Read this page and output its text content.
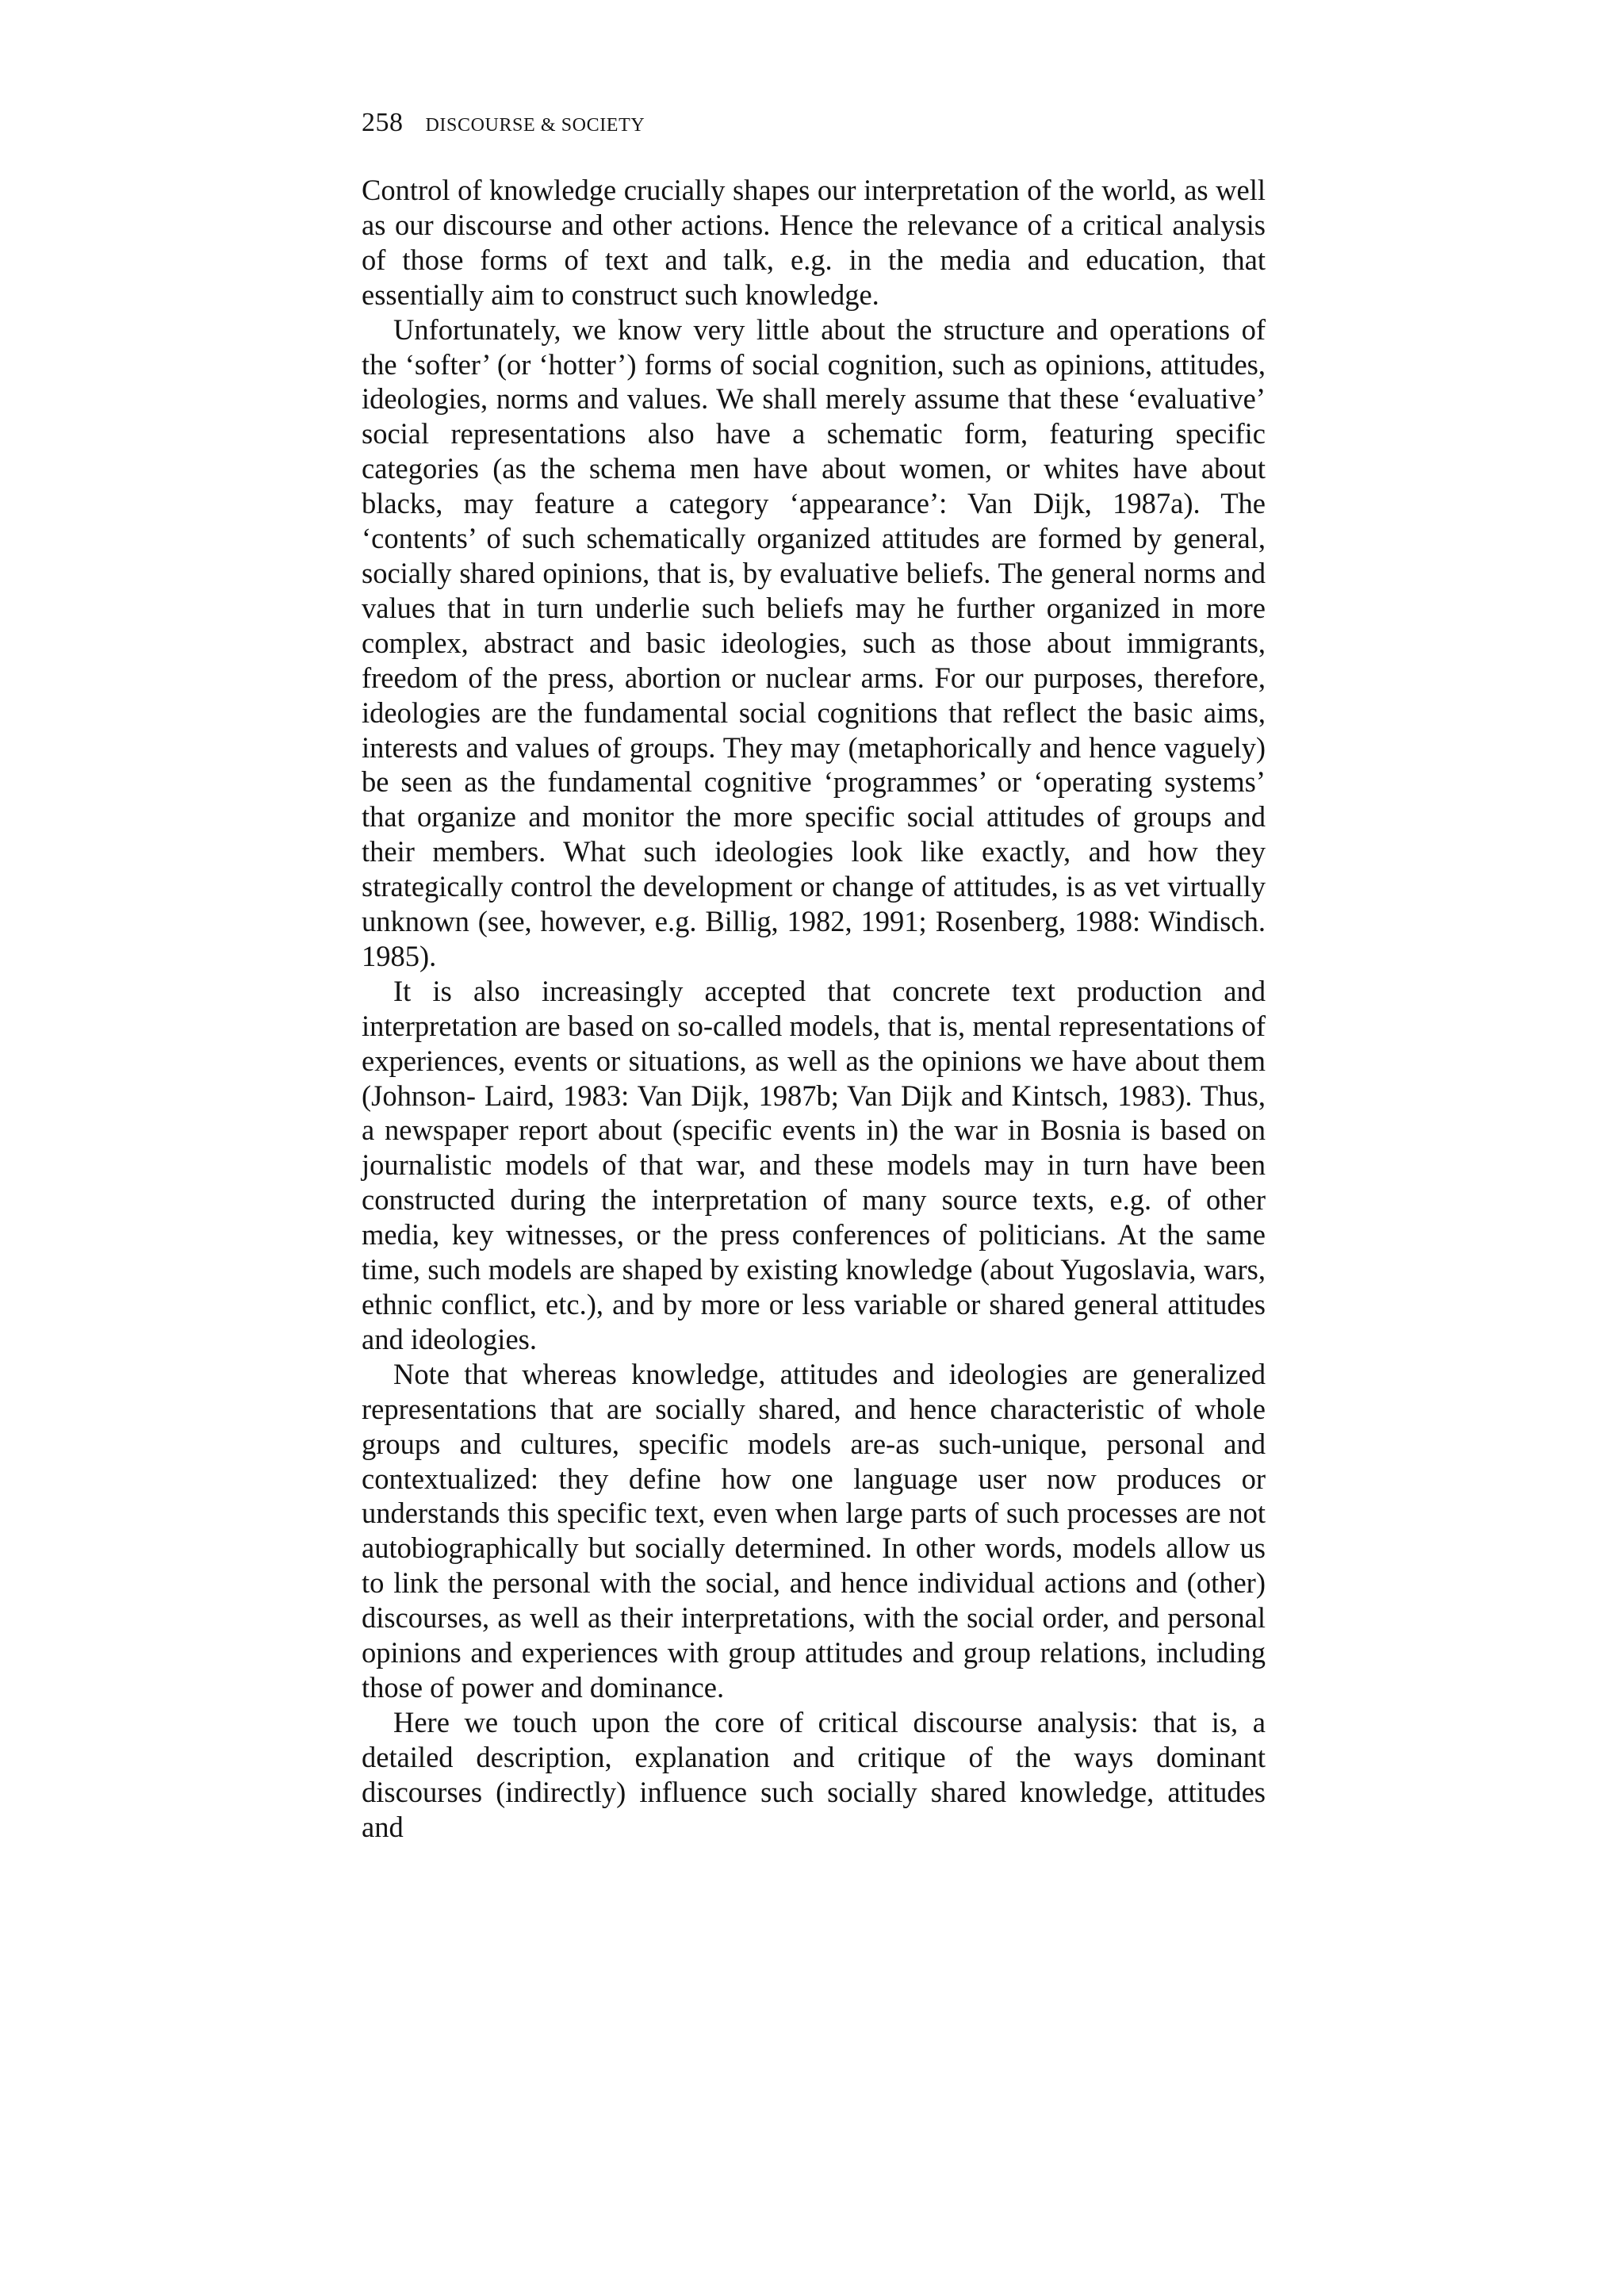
258 DISCOURSE & SOCIETY

Control of knowledge crucially shapes our interpretation of the world, as well as our discourse and other actions. Hence the relevance of a critical analysis of those forms of text and talk, e.g. in the media and education, that essentially aim to construct such knowledge.

Unfortunately, we know very little about the structure and operations of the ‘softer’ (or ‘hotter’) forms of social cognition, such as opinions, attitudes, ideologies, norms and values. We shall merely assume that these ‘evaluative’ social representations also have a schematic form, featuring specific categories (as the schema men have about women, or whites have about blacks, may feature a category ‘appearance’: Van Dijk, 1987a). The ‘contents’ of such schematically organized attitudes are formed by general, socially shared opinions, that is, by evaluative beliefs. The general norms and values that in turn underlie such beliefs may he further organized in more complex, abstract and basic ideologies, such as those about immigrants, freedom of the press, abortion or nuclear arms. For our purposes, therefore, ideologies are the fundamental social cognitions that reflect the basic aims, interests and values of groups. They may (metaphorically and hence vaguely) be seen as the fundamental cognitive ‘programmes’ or ‘operating systems’ that organize and monitor the more specific social attitudes of groups and their members. What such ideologies look like exactly, and how they strategically control the development or change of attitudes, is as vet virtually unknown (see, however, e.g. Billig, 1982, 1991; Rosenberg, 1988: Windisch. 1985).

It is also increasingly accepted that concrete text production and interpretation are based on so-called models, that is, mental representations of experiences, events or situations, as well as the opinions we have about them (Johnson- Laird, 1983: Van Dijk, 1987b; Van Dijk and Kintsch, 1983). Thus, a newspaper report about (specific events in) the war in Bosnia is based on journalistic models of that war, and these models may in turn have been constructed during the interpretation of many source texts, e.g. of other media, key witnesses, or the press conferences of politicians. At the same time, such models are shaped by existing knowledge (about Yugoslavia, wars, ethnic conflict, etc.), and by more or less variable or shared general attitudes and ideologies.

Note that whereas knowledge, attitudes and ideologies are generalized representations that are socially shared, and hence characteristic of whole groups and cultures, specific models are-as such-unique, personal and contextualized: they define how one language user now produces or understands this specific text, even when large parts of such processes are not autobiographically but socially determined. In other words, models allow us to link the personal with the social, and hence individual actions and (other) discourses, as well as their interpretations, with the social order, and personal opinions and experiences with group attitudes and group relations, including those of power and dominance.

Here we touch upon the core of critical discourse analysis: that is, a detailed description, explanation and critique of the ways dominant discourses (indirectly) influence such socially shared knowledge, attitudes and
